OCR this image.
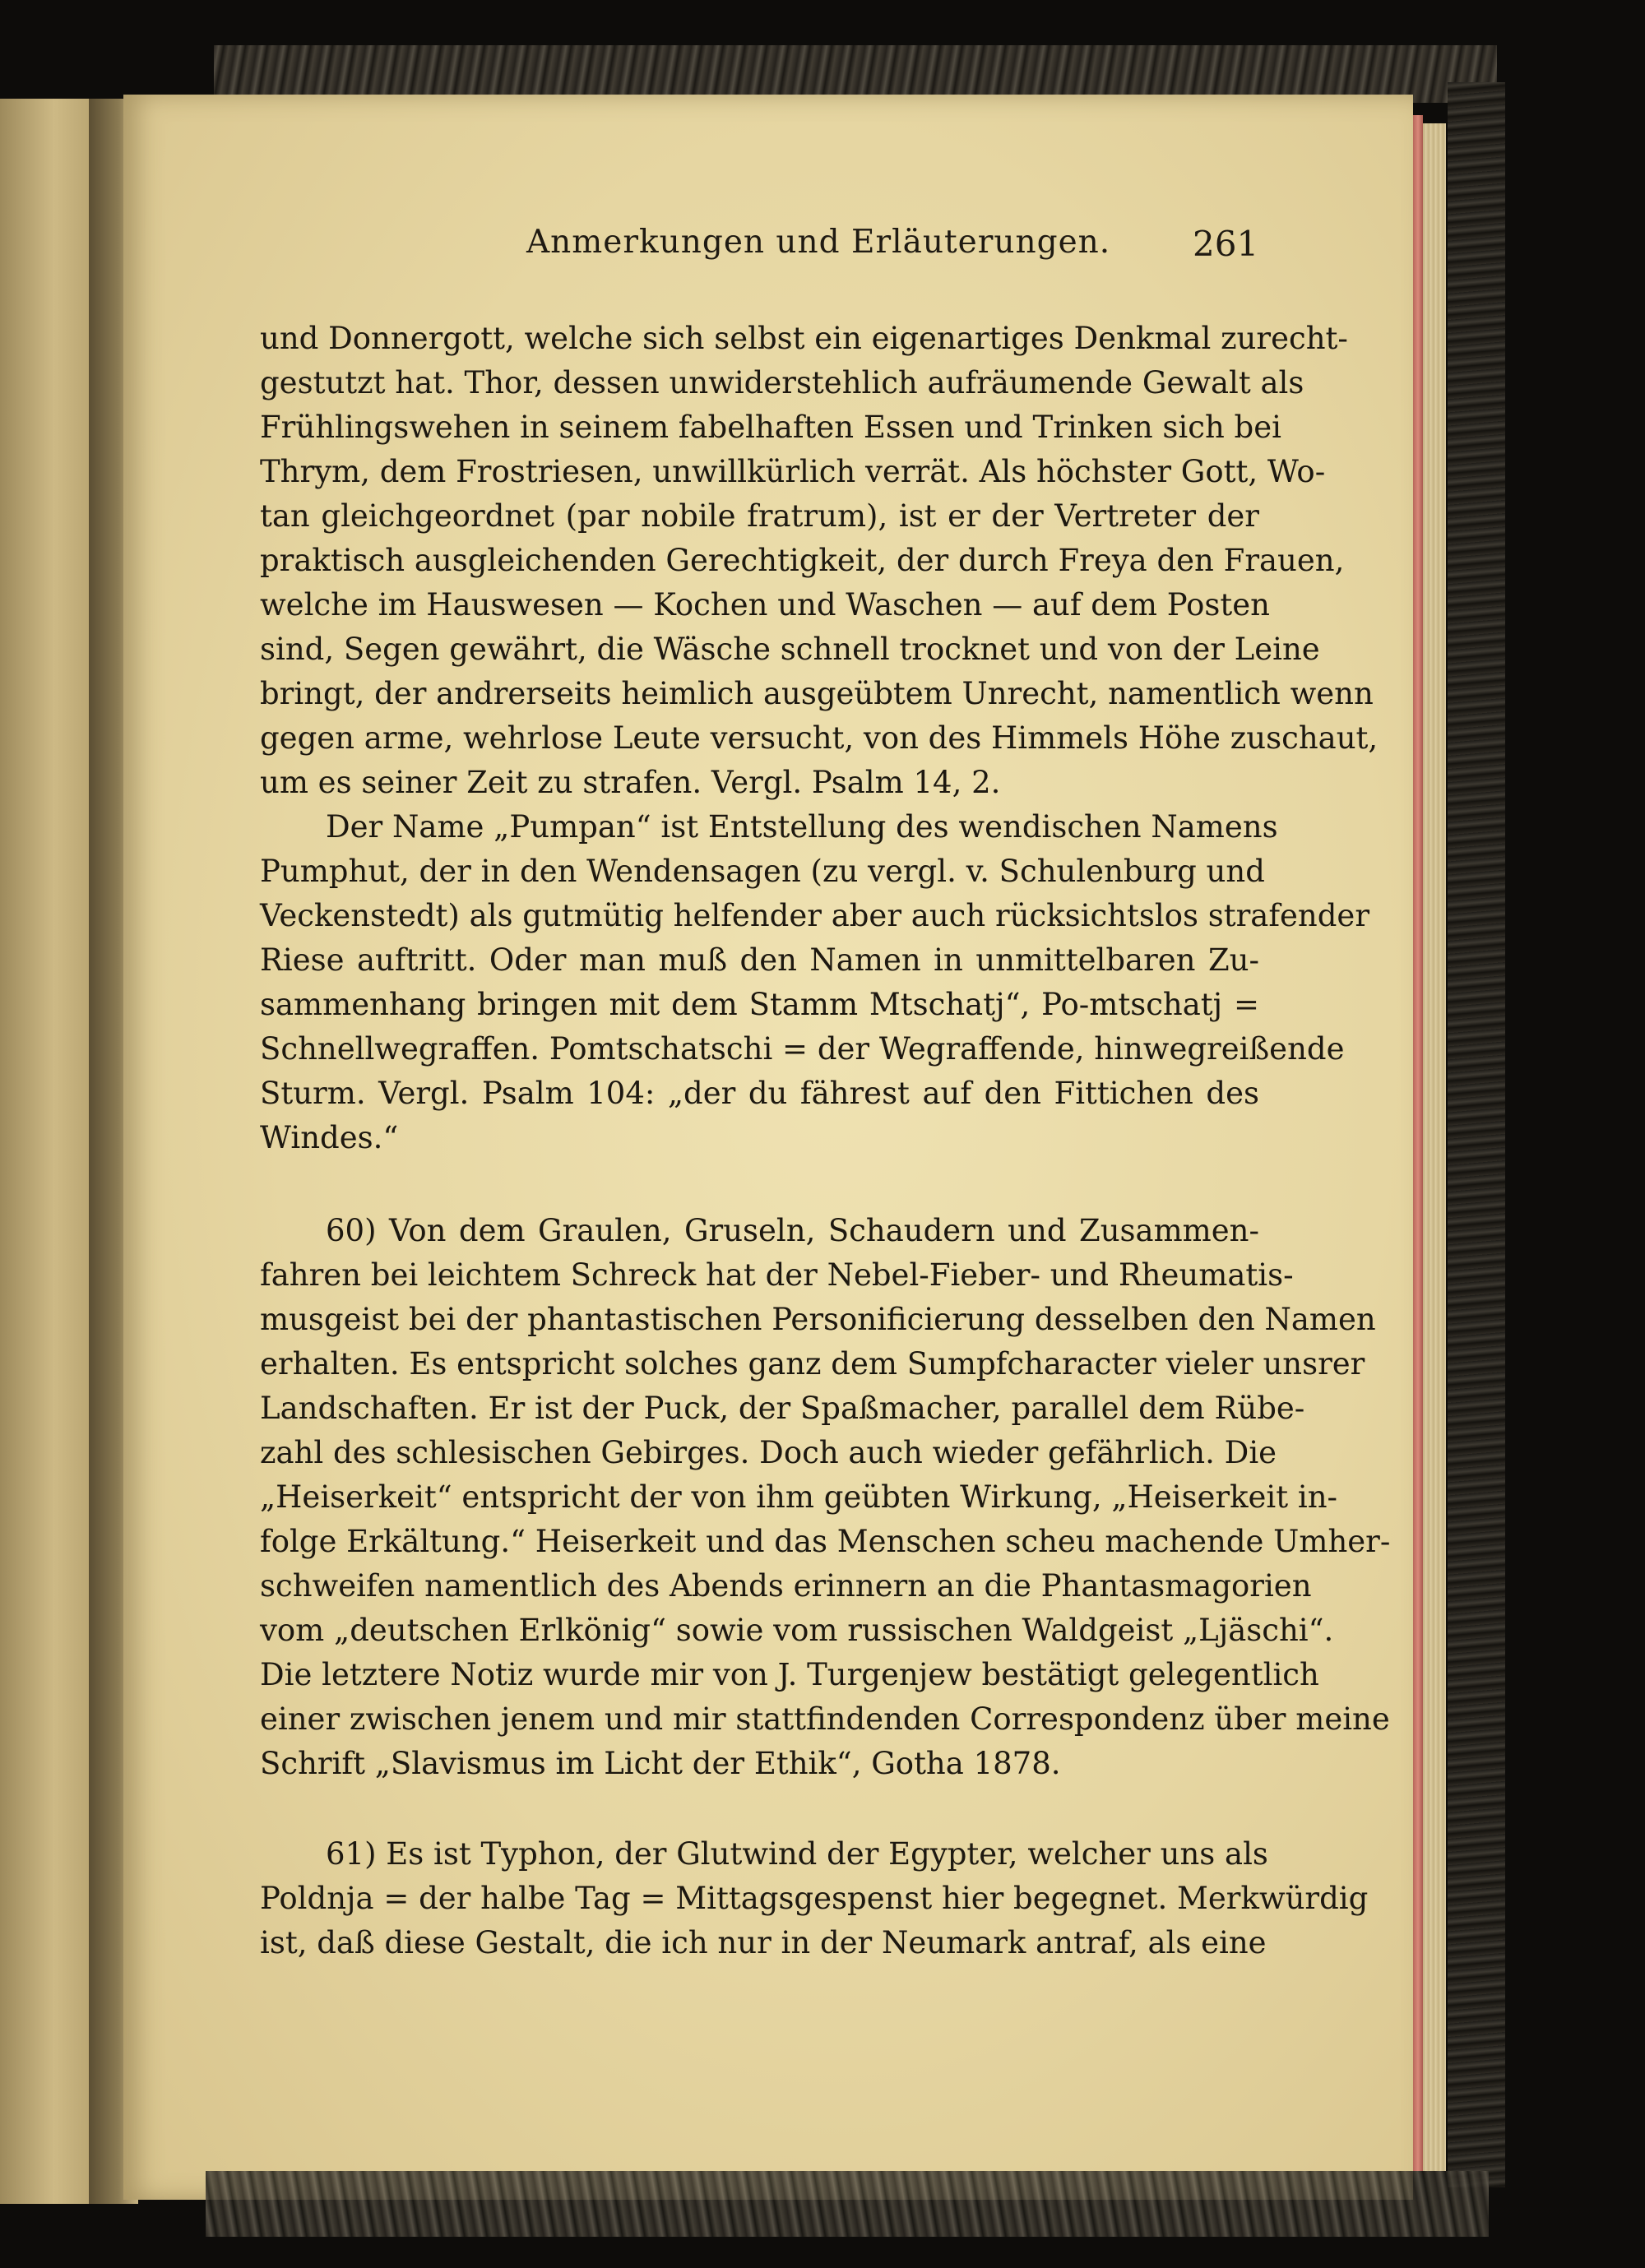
Anmerkungen und Erläuterungen. 261
und Donnergott, welche sich selbst ein eigenartiges Denkmal zurecht-
gestutzt hat. Thor, dessen unwiderstehlich aufräumende Gewalt als
Frühlingswehen in seinem fabelhaften Essen und Trinken sich bei
Thrym, dem Frostriesen, unwillkürlich verrät. Als höchster Gott, Wo-
tan gleichgeordnet (par nobile fratrum), ist er der Vertreter der
praktisch ausgleichenden Gerechtigkeit, der durch Freya den Frauen,
welche im Hauswesen — Kochen und Waschen — auf dem Posten
sind, Segen gewährt, die Wäsche schnell trocknet und von der Leine
bringt, der andrerseits heimlich ausgeübtem Unrecht, namentlich wenn
gegen arme, wehrlose Leute versucht, von des Himmels Höhe zuschaut,
um es seiner Zeit zu strafen. Vergl. Psalm 14, 2.
Der Name „Pumpan“ ist Entstellung des wendischen Namens
Pumphut, der in den Wendensagen (zu vergl. v. Schulenburg und
Veckenstedt) als gutmütig helfender aber auch rücksichtslos strafender
Riese auftritt. Oder man muß den Namen in unmittelbaren Zu-
sammenhang bringen mit dem Stamm Mtschatj“, Po-mtschatj =
Schnellwegraffen. Pomtschatschi = der Wegraffende, hinwegreißende
Sturm. Vergl. Psalm 104: „der du fährest auf den Fittichen des
Windes.“
60) Von dem Graulen, Gruseln, Schaudern und Zusammen-
fahren bei leichtem Schreck hat der Nebel-Fieber- und Rheumatis-
musgeist bei der phantastischen Personificierung desselben den Namen
erhalten. Es entspricht solches ganz dem Sumpfcharacter vieler unsrer
Landschaften. Er ist der Puck, der Spaßmacher, parallel dem Rübe-
zahl des schlesischen Gebirges. Doch auch wieder gefährlich. Die
„Heiserkeit“ entspricht der von ihm geübten Wirkung, „Heiserkeit in-
folge Erkältung.“ Heiserkeit und das Menschen scheu machende Umher-
schweifen namentlich des Abends erinnern an die Phantasmagorien
vom „deutschen Erlkönig“ sowie vom russischen Waldgeist „Ljäschi“.
Die letztere Notiz wurde mir von J. Turgenjew bestätigt gelegentlich
einer zwischen jenem und mir stattfindenden Correspondenz über meine
Schrift „Slavismus im Licht der Ethik“, Gotha 1878.
61) Es ist Typhon, der Glutwind der Egypter, welcher uns als
Poldnja = der halbe Tag = Mittagsgespenst hier begegnet. Merkwürdig
ist, daß diese Gestalt, die ich nur in der Neumark antraf, als eine
